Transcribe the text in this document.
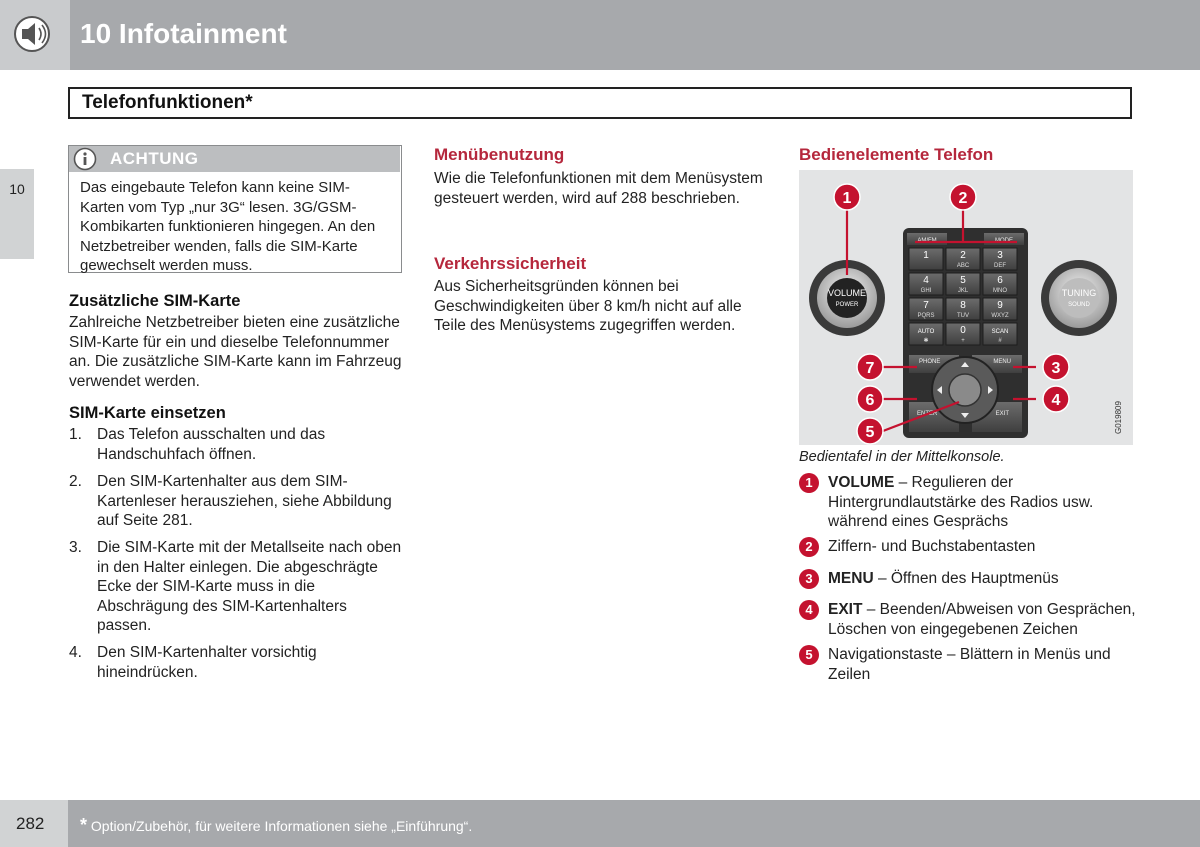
10 Infotainment
Telefonfunktionen*
10
ACHTUNG
Das eingebaute Telefon kann keine SIM-Karten vom Typ „nur 3G“ lesen. 3G/GSM-Kombikarten funktionieren hingegen. An den Netzbetreiber wenden, falls die SIM-Karte gewechselt werden muss.
Zusätzliche SIM-Karte
Zahlreiche Netzbetreiber bieten eine zusätzliche SIM-Karte für ein und dieselbe Telefonnummer an. Die zusätzliche SIM-Karte kann im Fahrzeug verwendet werden.
SIM-Karte einsetzen
1. Das Telefon ausschalten und das Handschuhfach öffnen.
2. Den SIM-Kartenhalter aus dem SIM-Kartenleser herausziehen, siehe Abbildung auf Seite 281.
3. Die SIM-Karte mit der Metallseite nach oben in den Halter einlegen. Die abgeschrägte Ecke der SIM-Karte muss in die Abschrägung des SIM-Kartenhalters passen.
4. Den SIM-Kartenhalter vorsichtig hineindrücken.
Menübenutzung
Wie die Telefonfunktionen mit dem Menüsystem gesteuert werden, wird auf 288 beschrieben.
Verkehrssicherheit
Aus Sicherheitsgründen können bei Geschwindigkeiten über 8 km/h nicht auf alle Teile des Menüsystems zugegriffen werden.
Bedienelemente Telefon
VOLUME
POWER
TUNING
SOUND
AM/FM	MODE
1	2
ABC
3
DEF
4
GHI
5
JKL
6
MNO
7
PQRS
8
TUV
9
WXYZ
AUTO
✱
0
+
SCAN
#
PHONE	MENU
ENTER	EXIT	G019809
1	2
3
4
5
6
7
Bedientafel in der Mittelkonsole.
1 VOLUME – Regulieren der Hintergrundlautstärke des Radios usw. während eines Gesprächs
2 Ziffern- und Buchstabentasten
3 MENU – Öffnen des Hauptmenüs
4 EXIT – Beenden/Abweisen von Gesprächen, Löschen von eingegebenen Zeichen
5 Navigationstaste – Blättern in Menüs und Zeilen
282 * Option/Zubehör, für weitere Informationen siehe „Einführung“.
